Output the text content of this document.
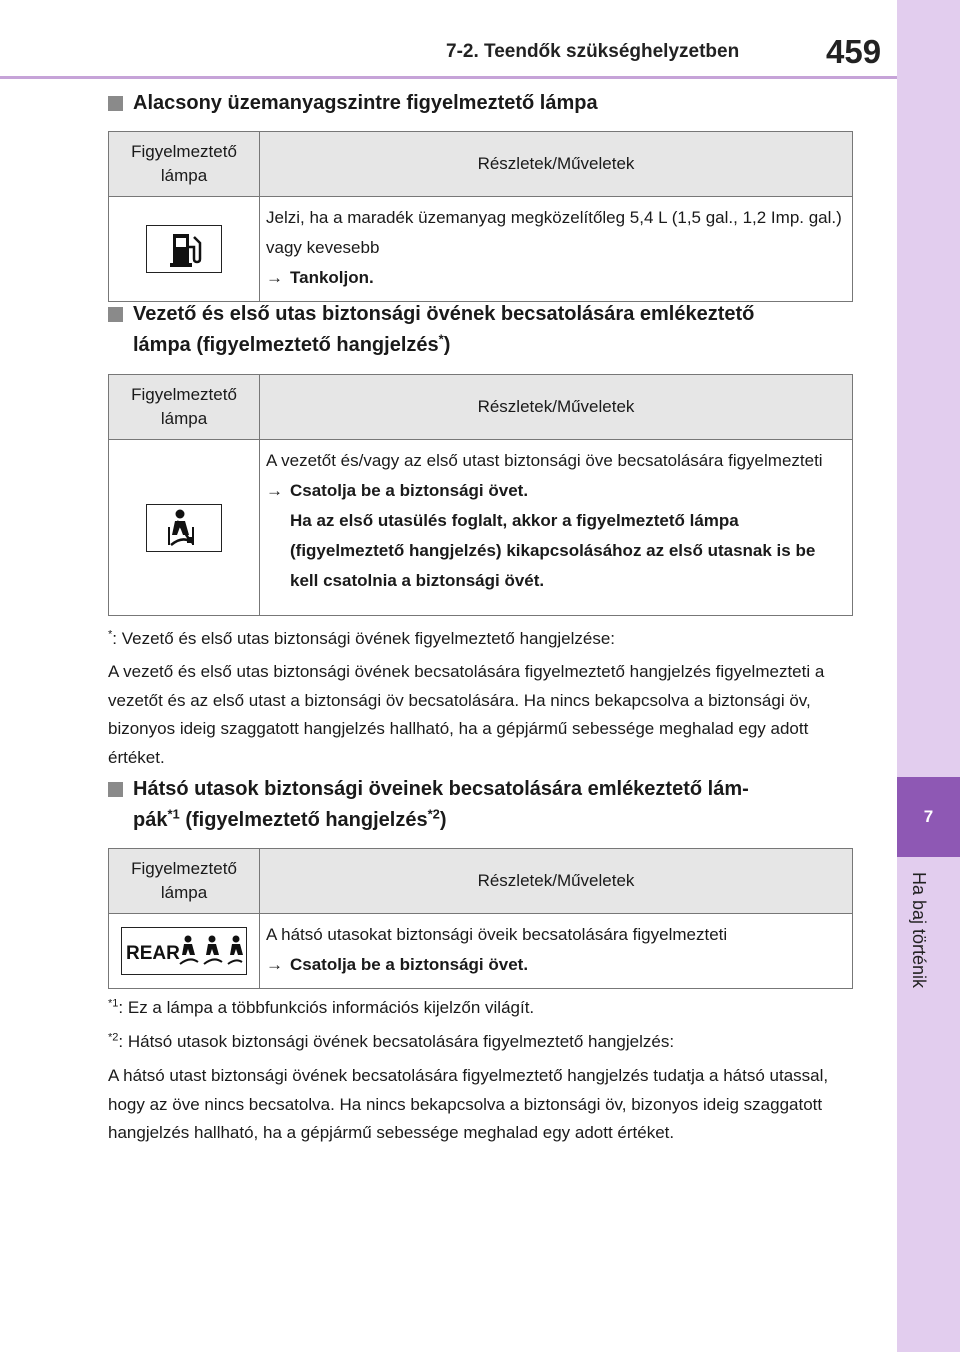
7-2. Teendők szükséghelyzetben	459
7
Ha baj történik
Alacsony üzemanyagszintre figyelmeztető lámpa
Figyelmeztető lámpa	Részletek/Műveletek

Jelzi, ha a maradék üzemanyag megközelítőleg 5,4 L (1,5 gal., 1,2 Imp. gal.) vagy kevesebb
→ Tankoljon.
Vezető és első utas biztonsági övének becsatolására emlékeztető
lámpa (figyelmeztető hangjelzés*)
Figyelmeztető lámpa	Részletek/Műveletek

A vezetőt és/vagy az első utast biztonsági öve becsatolására figyelmezteti
→ Csatolja be a biztonsági övet.
Ha az első utasülés foglalt, akkor a figyelmeztető lámpa (figyelmeztető hangjelzés) kikapcsolásához az első utasnak is be kell csatolnia a biztonsági övét.
*: Vezető és első utas biztonsági övének figyelmeztető hangjelzése:
A vezető és első utas biztonsági övének becsatolására figyelmeztető hangjelzés figyelmezteti a vezetőt és az első utast a biztonsági öv becsatolására. Ha nincs bekapcsolva a biztonsági öv, bizonyos ideig szaggatott hangjelzés hallható, ha a gépjármű sebessége meghalad egy adott értéket.
Hátsó utasok biztonsági öveinek becsatolására emlékeztető lám-
pák$^{*1}$ (figyelmeztető hangjelzés$^{*2}$)
Figyelmeztető lámpa	Részletek/Műveletek

REAR	A hátsó utasokat biztonsági öveik becsatolására figyelmezteti
→ Csatolja be a biztonsági övet.
$^{*1}$: Ez a lámpa a többfunkciós információs kijelzőn világít.
$^{*2}$: Hátsó utasok biztonsági övének becsatolására figyelmeztető hangjelzés:
A hátsó utast biztonsági övének becsatolására figyelmeztető hangjelzés tudatja a hátsó utassal, hogy az öve nincs becsatolva. Ha nincs bekapcsolva a biztonsági öv, bizonyos ideig szaggatott hangjelzés hallható, ha a gépjármű sebessége meghalad egy adott értéket.
